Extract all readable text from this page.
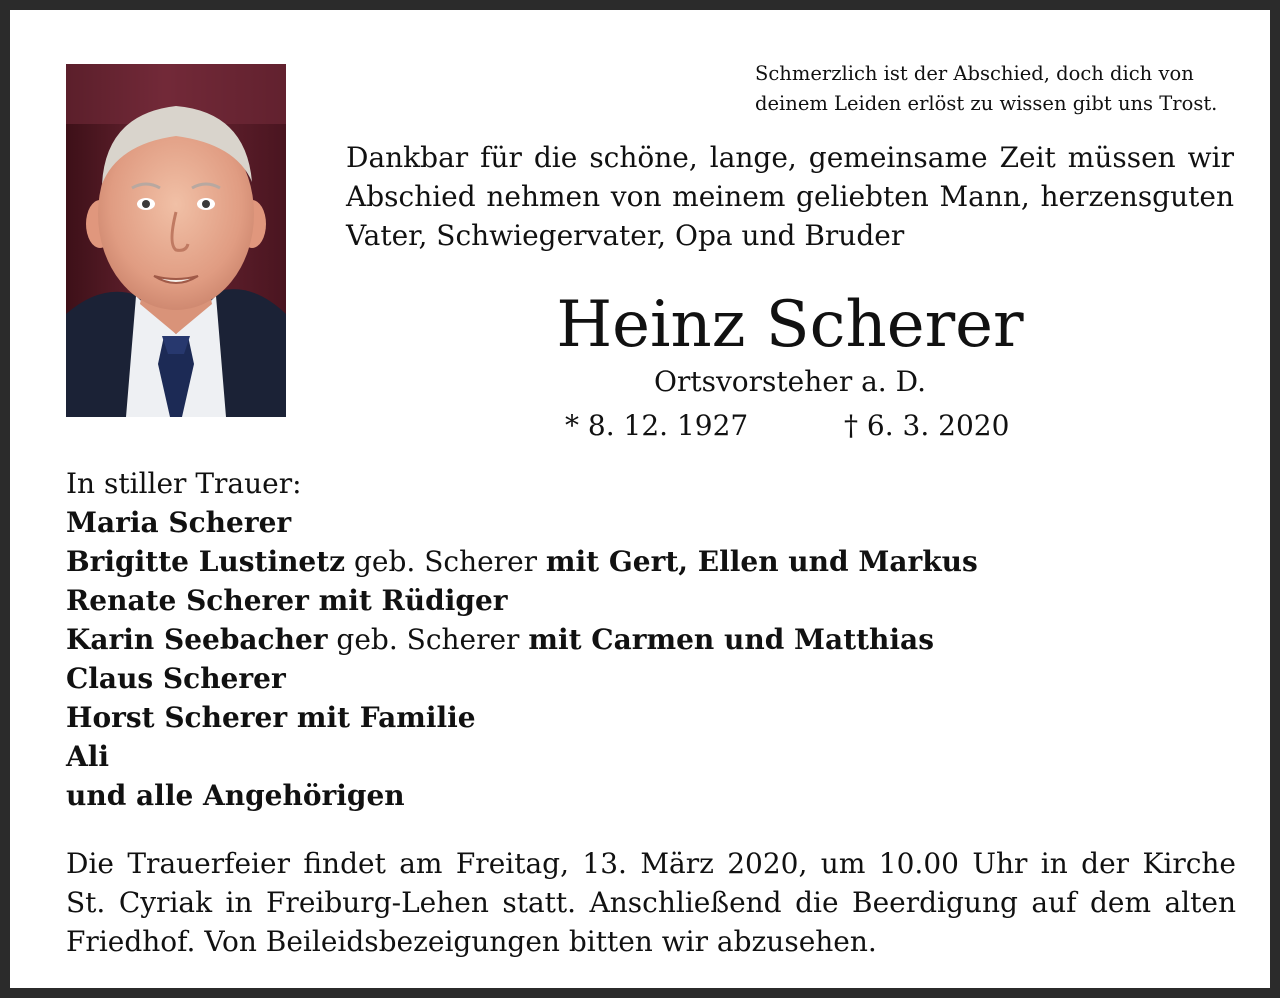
Schmerzlich ist der Abschied, doch dich von
deinem Leiden erlöst zu wissen gibt uns Trost.
Dankbar für die schöne, lange, gemeinsame Zeit müssen wir
Abschied nehmen von meinem geliebten Mann, herzensguten
Vater, Schwiegervater, Opa und Bruder
Heinz Scherer
Ortsvorsteher a. D.
* 8. 12. 1927	† 6. 3. 2020
In stiller Trauer:
Maria Scherer
Brigitte Lustinetz geb. Scherer mit Gert, Ellen und Markus
Renate Scherer mit Rüdiger
Karin Seebacher geb. Scherer mit Carmen und Matthias
Claus Scherer
Horst Scherer mit Familie
Ali
und alle Angehörigen
Die Trauerfeier findet am Freitag, 13. März 2020, um 10.00 Uhr in der Kirche
St. Cyriak in Freiburg-Lehen statt. Anschließend die Beerdigung auf dem alten
Friedhof. Von Beileidsbezeigungen bitten wir abzusehen.
